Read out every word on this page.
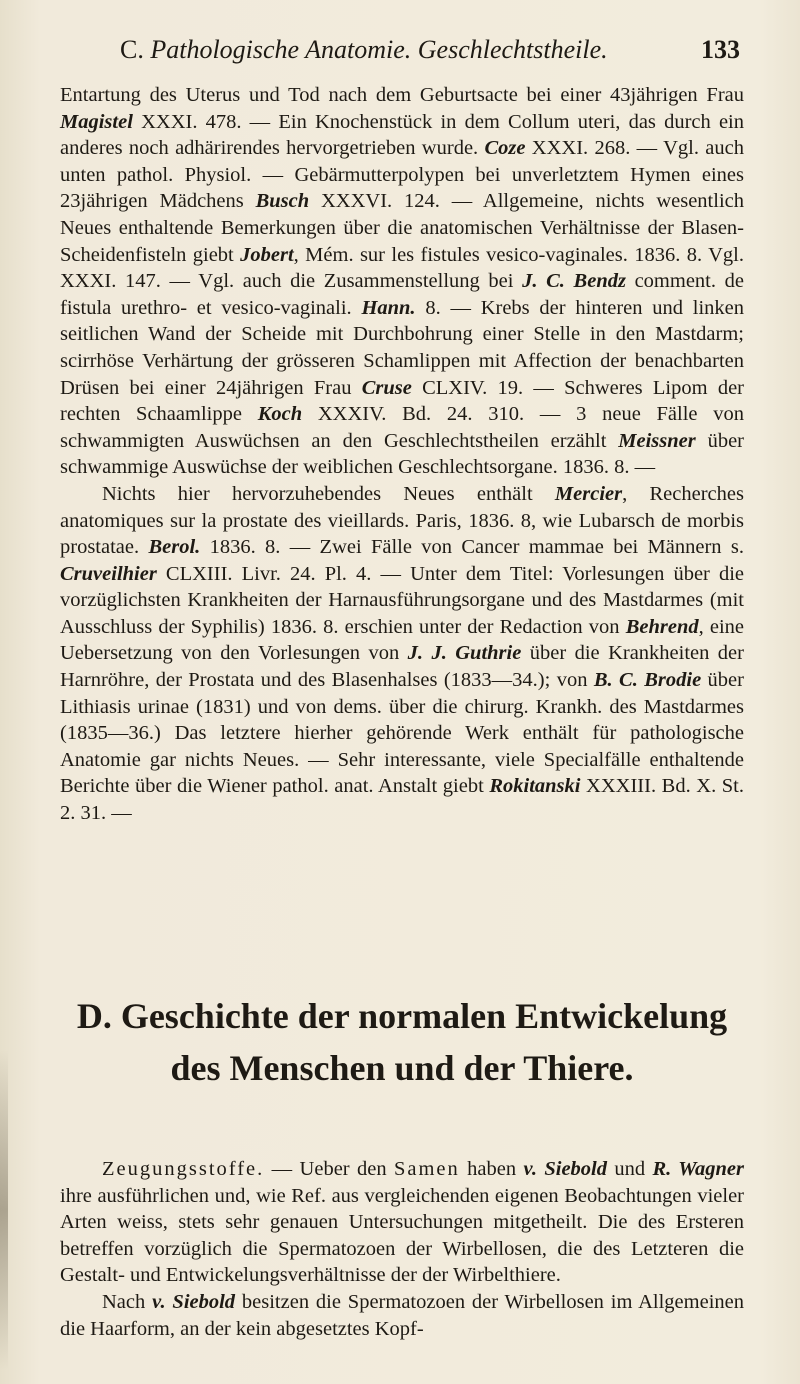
C. Pathologische Anatomie. Geschlechtstheile.	133

Entartung des Uterus und Tod nach dem Geburtsacte bei einer 43jährigen Frau Magistel XXXI. 478. — Ein Knochenstück in dem Collum uteri, das durch ein anderes noch adhärirendes hervorgetrieben wurde. Coze XXXI. 268. — Vgl. auch unten pathol. Physiol. — Gebärmutterpolypen bei unverletztem Hymen eines 23jährigen Mädchens Busch XXXVI. 124. — Allgemeine, nichts wesentlich Neues enthaltende Bemerkungen über die anatomischen Verhältnisse der Blasen- Scheidenfisteln giebt Jobert, Mém. sur les fistules vesico-vaginales. 1836. 8. Vgl. XXXI. 147. — Vgl. auch die Zusammenstellung bei J. C. Bendz comment. de fistula urethro- et vesico-vaginali. Hann. 8. — Krebs der hinteren und linken seitlichen Wand der Scheide mit Durchbohrung einer Stelle in den Mastdarm; scirrhöse Verhärtung der grösseren Schamlippen mit Affection der benachbarten Drüsen bei einer 24jährigen Frau Cruse CLXIV. 19. — Schweres Lipom der rechten Schaamlippe Koch XXXIV. Bd. 24. 310. — 3 neue Fälle von schwammigten Auswüchsen an den Geschlechtstheilen erzählt Meissner über schwammige Auswüchse der weiblichen Geschlechtsorgane. 1836. 8. —

Nichts hier hervorzuhebendes Neues enthält Mercier, Recherches anatomiques sur la prostate des vieillards. Paris, 1836. 8, wie Lubarsch de morbis prostatae. Berol. 1836. 8. — Zwei Fälle von Cancer mammae bei Männern s. Cruveilhier CLXIII. Livr. 24. Pl. 4. — Unter dem Titel: Vorlesungen über die vorzüglichsten Krankheiten der Harnausführungsorgane und des Mastdarmes (mit Ausschluss der Syphilis) 1836. 8. erschien unter der Redaction von Behrend, eine Uebersetzung von den Vorlesungen von J. J. Guthrie über die Krankheiten der Harnröhre, der Prostata und des Blasenhalses (1833—34.); von B. C. Brodie über Lithiasis urinae (1831) und von dems. über die chirurg. Krankh. des Mastdarmes (1835—36.) Das letztere hierher gehörende Werk enthält für pathologische Anatomie gar nichts Neues. — Sehr interessante, viele Specialfälle enthaltende Berichte über die Wiener pathol. anat. Anstalt giebt Rokitanski XXXIII. Bd. X. St. 2. 31. —

D. Geschichte der normalen Entwickelung
des Menschen und der Thiere.

Zeugungsstoffe. — Ueber den Samen haben v. Siebold und R. Wagner ihre ausführlichen und, wie Ref. aus vergleichenden eigenen Beobachtungen vieler Arten weiss, stets sehr genauen Untersuchungen mitgetheilt. Die des Ersteren betreffen vorzüglich die Spermatozoen der Wirbellosen, die des Letzteren die Gestalt- und Entwickelungsverhältnisse der der Wirbelthiere.

Nach v. Siebold besitzen die Spermatozoen der Wirbellosen im Allgemeinen die Haarform, an der kein abgesetztes Kopf-
